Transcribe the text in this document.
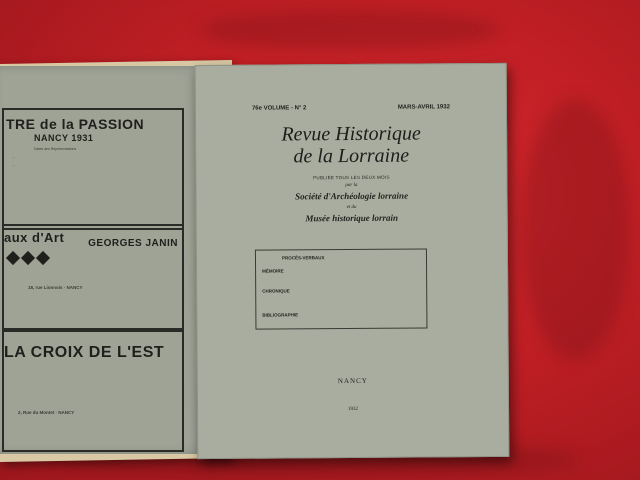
TRE de la PASSION
NANCY 1931
Dates des Représentations
...
...
aux d'Art GEORGES JANIN
18, rue Lionnois · NANCY
LA CROIX DE L'EST
2, Rue du Montet · NANCY
76e VOLUME - N° 2	MARS-AVRIL 1932
Revue Historique
de la Lorraine
PUBLIÉE TOUS LES DEUX MOIS
par la
Société d'Archéologie lorraine
et du
Musée historique lorrain
PROCÈS-VERBAUX
MÉMOIRE
CHRONIQUE
BIBLIOGRAPHIE
NANCY
1932
